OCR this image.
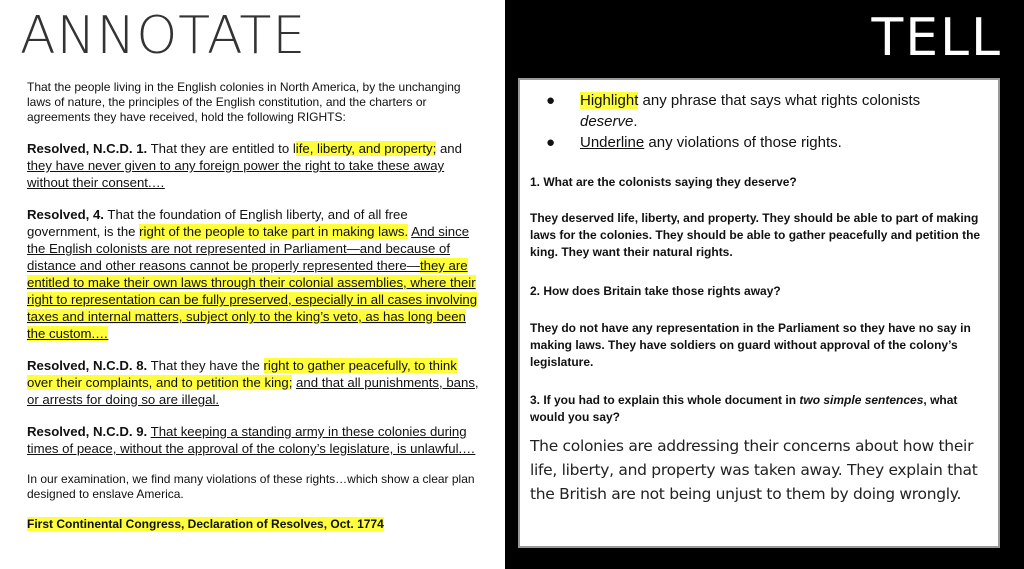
ANNOTATE

That the people living in the English colonies in North America, by the unchanging laws of nature, the principles of the English constitution, and the charters or agreements they have received, hold the following RIGHTS:

Resolved, N.C.D. 1. That they are entitled to life, liberty, and property; and they have never given to any foreign power the right to take these away without their consent.…

Resolved, 4. That the foundation of English liberty, and of all free government, is the right of the people to take part in making laws. And since the English colonists are not represented in Parliament—and because of distance and other reasons cannot be properly represented there—they are entitled to make their own laws through their colonial assemblies, where their right to representation can be fully preserved, especially in all cases involving taxes and internal matters, subject only to the king’s veto, as has long been the custom.…

Resolved, N.C.D. 8. That they have the right to gather peacefully, to think over their complaints, and to petition the king; and that all punishments, bans, or arrests for doing so are illegal.

Resolved, N.C.D. 9. That keeping a standing army in these colonies during times of peace, without the approval of the colony’s legislature, is unlawful.…

In our examination, we find many violations of these rights…which show a clear plan designed to enslave America.

First Continental Congress, Declaration of Resolves, Oct. 1774

TELL
● Highlight any phrase that says what rights colonists deserve.
● Underline any violations of those rights.
1. What are the colonists saying they deserve?
They deserved life, liberty, and property. They should be able to part of making laws for the colonies. They should be able to gather peacefully and petition the king. They want their natural rights.
2. How does Britain take those rights away?
They do not have any representation in the Parliament so they have no say in making laws. They have soldiers on guard without approval of the colony’s legislature.
3. If you had to explain this whole document in two simple sentences, what would you say?
The colonies are addressing their concerns about how their life, liberty, and property was taken away. They explain that the British are not being unjust to them by doing wrongly.
